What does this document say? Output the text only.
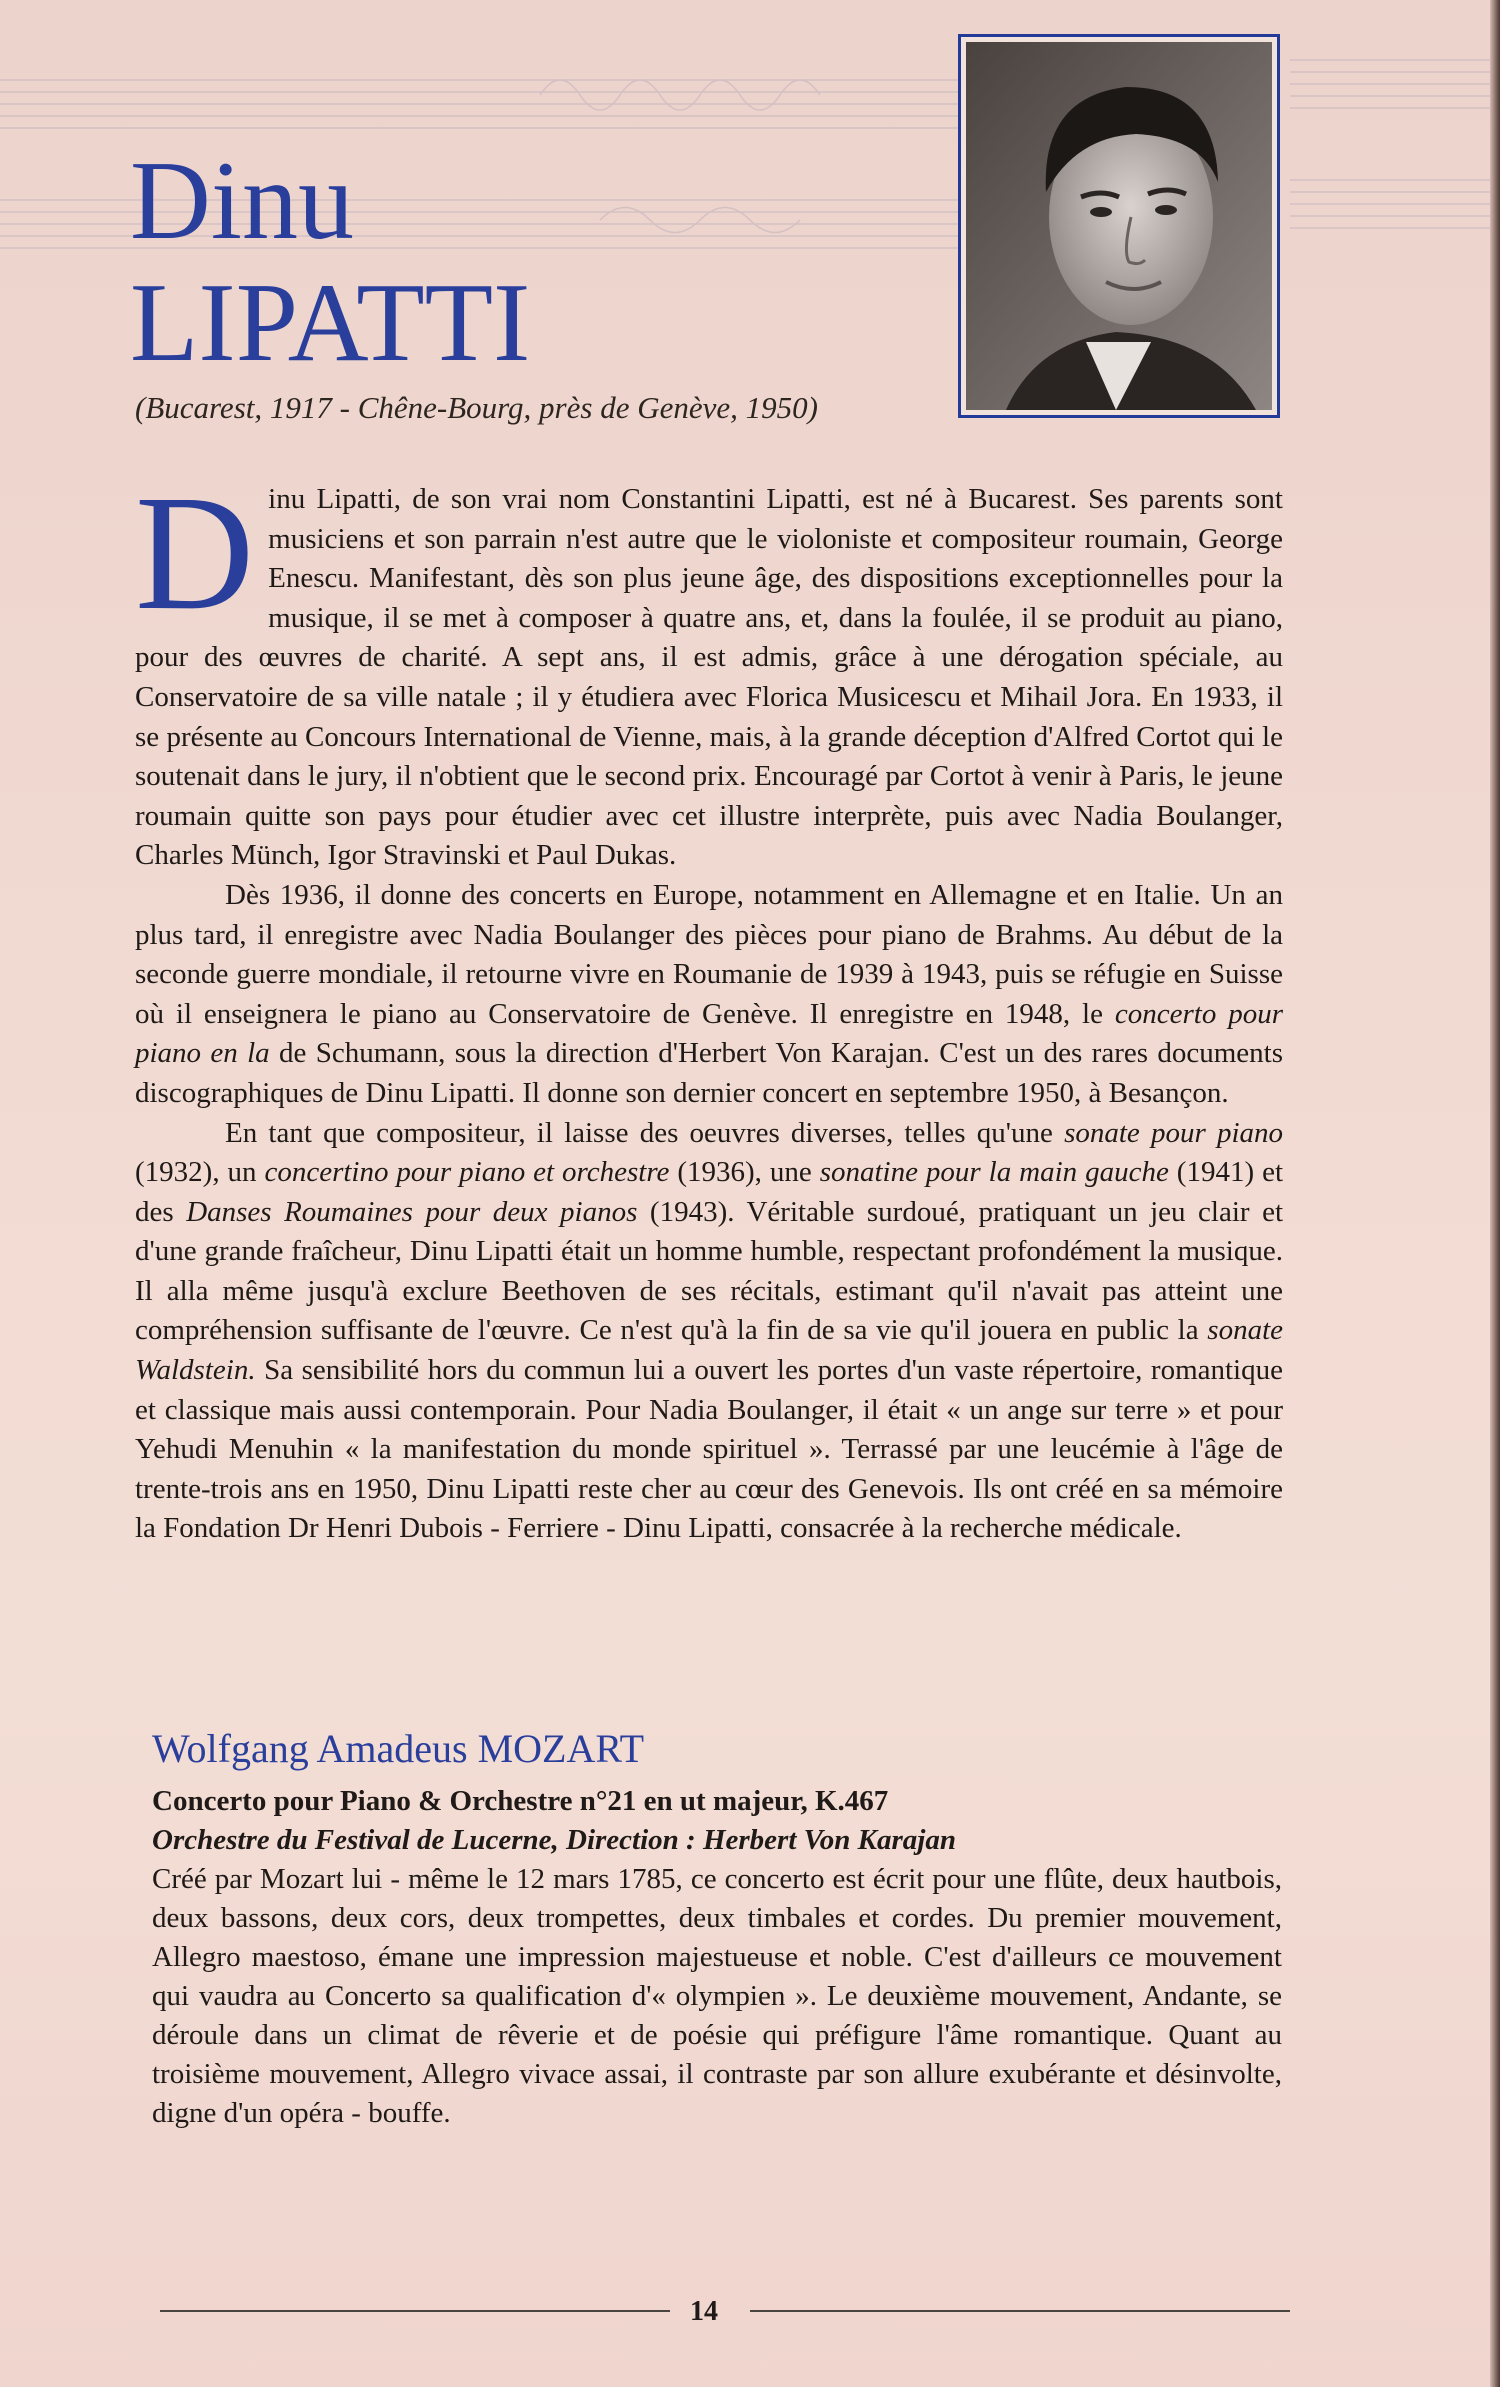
Dinu
LIPATTI

(Bucarest, 1917 - Chêne-Bourg, près de Genève, 1950)

Dinu Lipatti, de son vrai nom Constantini Lipatti, est né à Bucarest. Ses parents sont musiciens et son parrain n'est autre que le violoniste et compositeur roumain, George Enescu. Manifestant, dès son plus jeune âge, des dispositions exceptionnelles pour la musique, il se met à composer à quatre ans, et, dans la foulée, il se produit au piano, pour des œuvres de charité. A sept ans, il est admis, grâce à une dérogation spéciale, au Conservatoire de sa ville natale ; il y étudiera avec Florica Musicescu et Mihail Jora. En 1933, il se présente au Concours International de Vienne, mais, à la grande déception d'Alfred Cortot qui le soutenait dans le jury, il n'obtient que le second prix. Encouragé par Cortot à venir à Paris, le jeune roumain quitte son pays pour étudier avec cet illustre interprète, puis avec Nadia Boulanger, Charles Münch, Igor Stravinski et Paul Dukas.

Dès 1936, il donne des concerts en Europe, notamment en Allemagne et en Italie. Un an plus tard, il enregistre avec Nadia Boulanger des pièces pour piano de Brahms. Au début de la seconde guerre mondiale, il retourne vivre en Roumanie de 1939 à 1943, puis se réfugie en Suisse où il enseignera le piano au Conservatoire de Genève. Il enregistre en 1948, le concerto pour piano en la de Schumann, sous la direction d'Herbert Von Karajan. C'est un des rares documents discographiques de Dinu Lipatti. Il donne son dernier concert en septembre 1950, à Besançon.

En tant que compositeur, il laisse des oeuvres diverses, telles qu'une sonate pour piano (1932), un concertino pour piano et orchestre (1936), une sonatine pour la main gauche (1941) et des Danses Roumaines pour deux pianos (1943). Véritable surdoué, pratiquant un jeu clair et d'une grande fraîcheur, Dinu Lipatti était un homme humble, respectant profondément la musique. Il alla même jusqu'à exclure Beethoven de ses récitals, estimant qu'il n'avait pas atteint une compréhension suffisante de l'œuvre. Ce n'est qu'à la fin de sa vie qu'il jouera en public la sonate Waldstein. Sa sensibilité hors du commun lui a ouvert les portes d'un vaste répertoire, romantique et classique mais aussi contemporain. Pour Nadia Boulanger, il était « un ange sur terre » et pour Yehudi Menuhin « la manifestation du monde spirituel ». Terrassé par une leucémie à l'âge de trente-trois ans en 1950, Dinu Lipatti reste cher au cœur des Genevois. Ils ont créé en sa mémoire la Fondation Dr Henri Dubois - Ferriere - Dinu Lipatti, consacrée à la recherche médicale.

Wolfgang Amadeus MOZART

Concerto pour Piano & Orchestre n°21 en ut majeur, K.467

Orchestre du Festival de Lucerne, Direction : Herbert Von Karajan

Créé par Mozart lui - même le 12 mars 1785, ce concerto est écrit pour une flûte, deux hautbois, deux bassons, deux cors, deux trompettes, deux timbales et cordes. Du premier mouvement, Allegro maestoso, émane une impression majestueuse et noble. C'est d'ailleurs ce mouvement qui vaudra au Concerto sa qualification d'« olympien ». Le deuxième mouvement, Andante, se déroule dans un climat de rêverie et de poésie qui préfigure l'âme romantique. Quant au troisième mouvement, Allegro vivace assai, il contraste par son allure exubérante et désinvolte, digne d'un opéra - bouffe.

14
